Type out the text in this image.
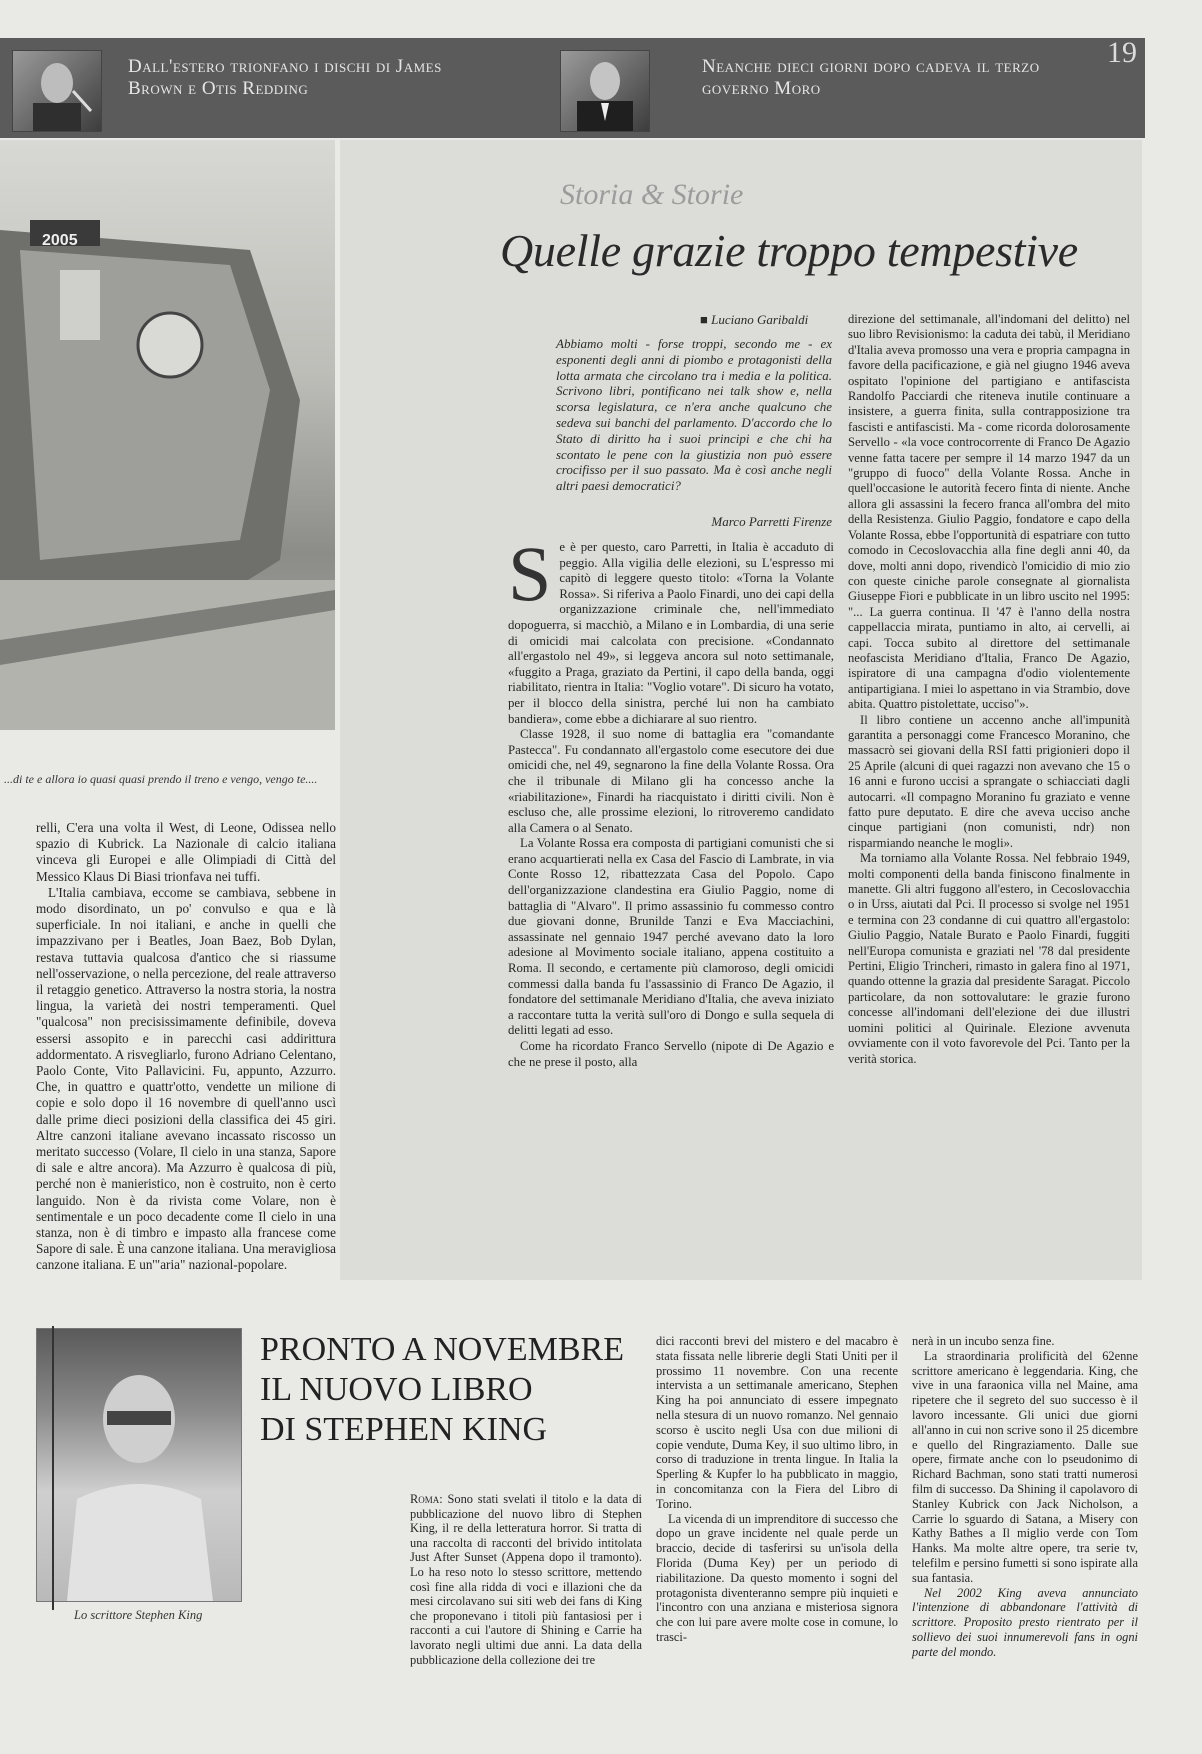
Dall'estero trionfano i dischi di James Brown e Otis Redding
Neanche dieci giorni dopo cadeva il terzo governo Moro
19
2005
...di te e allora io quasi quasi prendo il treno e vengo, vengo te....

relli, C'era una volta il West, di Leone, Odissea nello spazio di Kubrick. La Nazionale di calcio italiana vinceva gli Europei e alle Olimpiadi di Città del Messico Klaus Di Biasi trionfava nei tuffi.

L'Italia cambiava, eccome se cambiava, sebbene in modo disordinato, un po' convulso e qua e là superficiale. In noi italiani, e anche in quelli che impazzivano per i Beatles, Joan Baez, Bob Dylan, restava tuttavia qualcosa d'antico che si riassume nell'osservazione, o nella percezione, del reale attraverso il retaggio genetico. Attraverso la nostra storia, la nostra lingua, la varietà dei nostri temperamenti. Quel "qualcosa" non precisissimamente definibile, doveva essersi assopito e in parecchi casi addirittura addormentato. A risvegliarlo, furono Adriano Celentano, Paolo Conte, Vito Pallavicini. Fu, appunto, Azzurro. Che, in quattro e quattr'otto, vendette un milione di copie e solo dopo il 16 novembre di quell'anno uscì dalle prime dieci posizioni della classifica dei 45 giri. Altre canzoni italiane avevano incassato riscosso un meritato successo (Volare, Il cielo in una stanza, Sapore di sale e altre ancora). Ma Azzurro è qualcosa di più, perché non è manieristico, non è costruito, non è certo languido. Non è da rivista come Volare, non è sentimentale e un poco decadente come Il cielo in una stanza, non è di timbro e impasto alla francese come Sapore di sale. È una canzone italiana. Una meravigliosa canzone italiana. E un'"aria" nazional-popolare.

Storia & Storie
Quelle grazie troppo tempestive
■ Luciano Garibaldi
Abbiamo molti - forse troppi, secondo me - ex esponenti degli anni di piombo e protagonisti della lotta armata che circolano tra i media e la politica. Scrivono libri, pontificano nei talk show e, nella scorsa legislatura, ce n'era anche qualcuno che sedeva sui banchi del parlamento. D'accordo che lo Stato di diritto ha i suoi principi e che chi ha scontato le pene con la giustizia non può essere crocifisso per il suo passato. Ma è così anche negli altri paesi democratici?
Marco Parretti Firenze
S e è per questo, caro Parretti, in Italia è accaduto di peggio. Alla vigilia delle elezioni, su L'espresso mi capitò di leggere questo titolo: «Torna la Volante Rossa». Si riferiva a Paolo Finardi, uno dei capi della organizzazione criminale che, nell'immediato dopoguerra, si macchiò, a Milano e in Lombardia, di una serie di omicidi mai calcolata con precisione. «Condannato all'ergastolo nel 49», si leggeva ancora sul noto settimanale, «fuggito a Praga, graziato da Pertini, il capo della banda, oggi riabilitato, rientra in Italia: "Voglio votare". Di sicuro ha votato, per il blocco della sinistra, perché lui non ha cambiato bandiera», come ebbe a dichiarare al suo rientro.

Classe 1928, il suo nome di battaglia era "comandante Pastecca". Fu condannato all'ergastolo come esecutore dei due omicidi che, nel 49, segnarono la fine della Volante Rossa. Ora che il tribunale di Milano gli ha concesso anche la «riabilitazione», Finardi ha riacquistato i diritti civili. Non è escluso che, alle prossime elezioni, lo ritroveremo candidato alla Camera o al Senato.

La Volante Rossa era composta di partigiani comunisti che si erano acquartierati nella ex Casa del Fascio di Lambrate, in via Conte Rosso 12, ribattezzata Casa del Popolo. Capo dell'organizzazione clandestina era Giulio Paggio, nome di battaglia di "Alvaro". Il primo assassinio fu commesso contro due giovani donne, Brunilde Tanzi e Eva Macciachini, assassinate nel gennaio 1947 perché avevano dato la loro adesione al Movimento sociale italiano, appena costituito a Roma. Il secondo, e certamente più clamoroso, degli omicidi commessi dalla banda fu l'assassinio di Franco De Agazio, il fondatore del settimanale Meridiano d'Italia, che aveva iniziato a raccontare tutta la verità sull'oro di Dongo e sulla sequela di delitti legati ad esso.

Come ha ricordato Franco Servello (nipote di De Agazio e che ne prese il posto, alla

direzione del settimanale, all'indomani del delitto) nel suo libro Revisionismo: la caduta dei tabù, il Meridiano d'Italia aveva promosso una vera e propria campagna in favore della pacificazione, e già nel giugno 1946 aveva ospitato l'opinione del partigiano e antifascista Randolfo Pacciardi che riteneva inutile continuare a insistere, a guerra finita, sulla contrapposizione tra fascisti e antifascisti. Ma - come ricorda dolorosamente Servello - «la voce controcorrente di Franco De Agazio venne fatta tacere per sempre il 14 marzo 1947 da un "gruppo di fuoco" della Volante Rossa. Anche in quell'occasione le autorità fecero finta di niente. Anche allora gli assassini la fecero franca all'ombra del mito della Resistenza. Giulio Paggio, fondatore e capo della Volante Rossa, ebbe l'opportunità di espatriare con tutto comodo in Cecoslovacchia alla fine degli anni 40, da dove, molti anni dopo, rivendicò l'omicidio di mio zio con queste ciniche parole consegnate al giornalista Giuseppe Fiori e pubblicate in un libro uscito nel 1995: "... La guerra continua. Il '47 è l'anno della nostra cappellaccia mirata, puntiamo in alto, ai cervelli, ai capi. Tocca subito al direttore del settimanale neofascista Meridiano d'Italia, Franco De Agazio, ispiratore di una campagna d'odio violentemente antipartigiana. I miei lo aspettano in via Strambio, dove abita. Quattro pistolettate, ucciso"».

Il libro contiene un accenno anche all'impunità garantita a personaggi come Francesco Moranino, che massacrò sei giovani della RSI fatti prigionieri dopo il 25 Aprile (alcuni di quei ragazzi non avevano che 15 o 16 anni e furono uccisi a sprangate o schiacciati dagli autocarri. «Il compagno Moranino fu graziato e venne fatto pure deputato. E dire che aveva ucciso anche cinque partigiani (non comunisti, ndr) non risparmiando neanche le mogli».

Ma torniamo alla Volante Rossa. Nel febbraio 1949, molti componenti della banda finiscono finalmente in manette. Gli altri fuggono all'estero, in Cecoslovacchia o in Urss, aiutati dal Pci. Il processo si svolge nel 1951 e termina con 23 condanne di cui quattro all'ergastolo: Giulio Paggio, Natale Burato e Paolo Finardi, fuggiti nell'Europa comunista e graziati nel '78 dal presidente Pertini, Eligio Trincheri, rimasto in galera fino al 1971, quando ottenne la grazia dal presidente Saragat. Piccolo particolare, da non sottovalutare: le grazie furono concesse all'indomani dell'elezione dei due illustri uomini politici al Quirinale. Elezione avvenuta ovviamente con il voto favorevole del Pci. Tanto per la verità storica.

Lo scrittore Stephen King
PRONTO A NOVEMBRE
IL NUOVO LIBRO
DI STEPHEN KING

Roma: Sono stati svelati il titolo e la data di pubblicazione del nuovo libro di Stephen King, il re della letteratura horror. Si tratta di una raccolta di racconti del brivido intitolata Just After Sunset (Appena dopo il tramonto). Lo ha reso noto lo stesso scrittore, mettendo così fine alla ridda di voci e illazioni che da mesi circolavano sui siti web dei fans di King che proponevano i titoli più fantasiosi per i racconti a cui l'autore di Shining e Carrie ha lavorato negli ultimi due anni. La data della pubblicazione della collezione dei tre

dici racconti brevi del mistero e del macabro è stata fissata nelle librerie degli Stati Uniti per il prossimo 11 novembre. Con una recente intervista a un settimanale americano, Stephen King ha poi annunciato di essere impegnato nella stesura di un nuovo romanzo. Nel gennaio scorso è uscito negli Usa con due milioni di copie vendute, Duma Key, il suo ultimo libro, in corso di traduzione in trenta lingue. In Italia la Sperling & Kupfer lo ha pubblicato in maggio, in concomitanza con la Fiera del Libro di Torino.

La vicenda di un imprenditore di successo che dopo un grave incidente nel quale perde un braccio, decide di tasferirsi su un'isola della Florida (Duma Key) per un periodo di riabilitazione. Da questo momento i sogni del protagonista diventeranno sempre più inquieti e l'incontro con una anziana e misteriosa signora che con lui pare avere molte cose in comune, lo trasci-

nerà in un incubo senza fine.

La straordinaria prolificità del 62enne scrittore americano è leggendaria. King, che vive in una faraonica villa nel Maine, ama ripetere che il segreto del suo successo è il lavoro incessante. Gli unici due giorni all'anno in cui non scrive sono il 25 dicembre e quello del Ringraziamento. Dalle sue opere, firmate anche con lo pseudonimo di Richard Bachman, sono stati tratti numerosi film di successo. Da Shining il capolavoro di Stanley Kubrick con Jack Nicholson, a Carrie lo sguardo di Satana, a Misery con Kathy Bathes a Il miglio verde con Tom Hanks. Ma molte altre opere, tra serie tv, telefilm e persino fumetti si sono ispirate alla sua fantasia.

Nel 2002 King aveva annunciato l'intenzione di abbandonare l'attività di scrittore. Proposito presto rientrato per il sollievo dei suoi innumerevoli fans in ogni parte del mondo.
